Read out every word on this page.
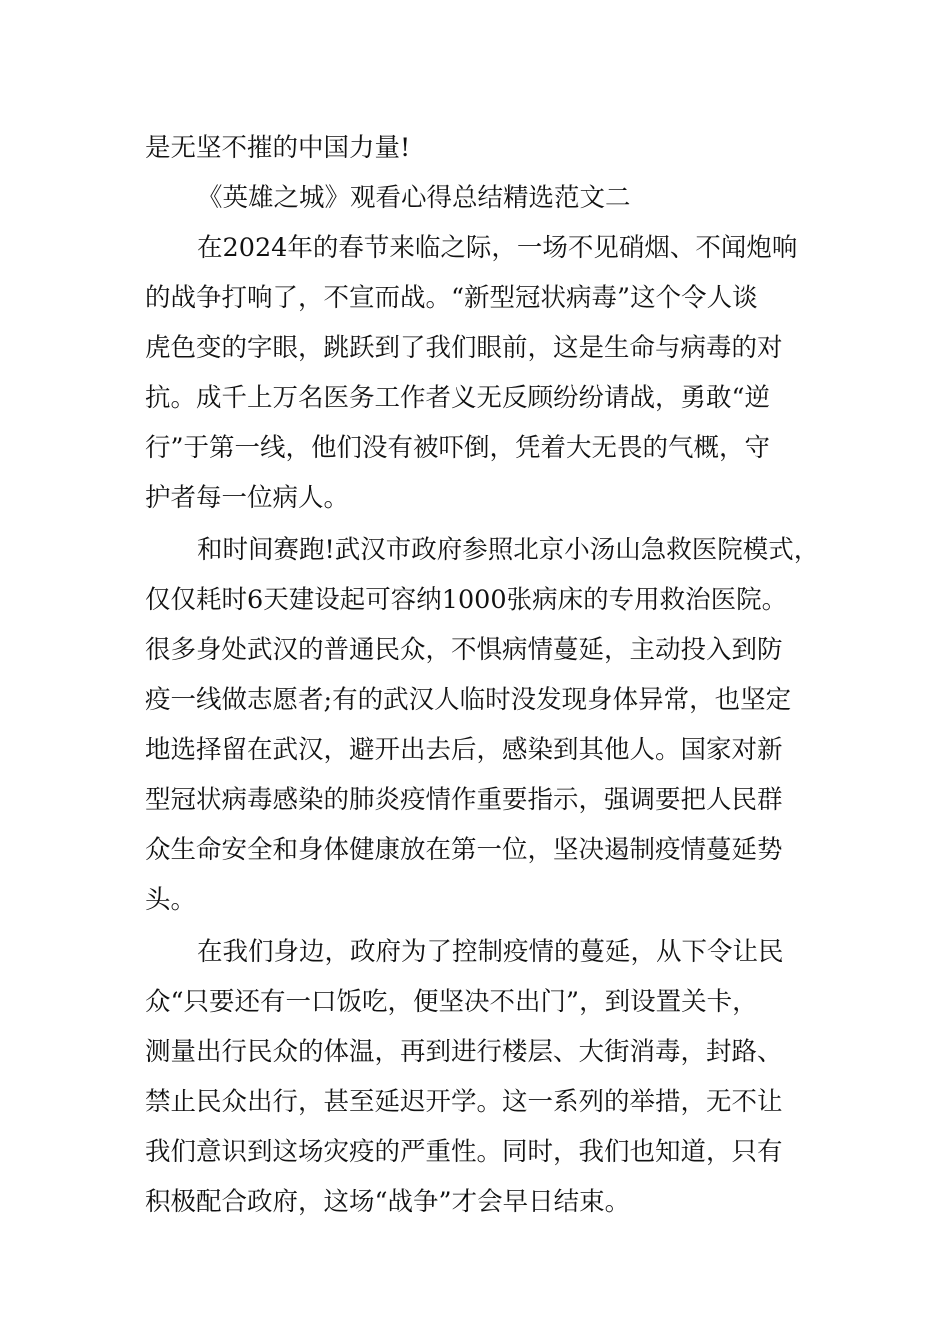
是无坚不摧的中国力量!
《英雄之城》观看心得总结精选范文二
在2024年的春节来临之际，一场不见硝烟、不闻炮响
的战争打响了，不宣而战。“新型冠状病毒”这个令人谈
虎色变的字眼，跳跃到了我们眼前，这是生命与病毒的对
抗。成千上万名医务工作者义无反顾纷纷请战，勇敢“逆
行”于第一线，他们没有被吓倒，凭着大无畏的气概，守
护者每一位病人。
和时间赛跑!武汉市政府参照北京小汤山急救医院模式，
仅仅耗时6天建设起可容纳1000张病床的专用救治医院。
很多身处武汉的普通民众，不惧病情蔓延，主动投入到防
疫一线做志愿者;有的武汉人临时没发现身体异常，也坚定
地选择留在武汉，避开出去后，感染到其他人。国家对新
型冠状病毒感染的肺炎疫情作重要指示，强调要把人民群
众生命安全和身体健康放在第一位，坚决遏制疫情蔓延势
头。
在我们身边，政府为了控制疫情的蔓延，从下令让民
众“只要还有一口饭吃，便坚决不出门”，到设置关卡，
测量出行民众的体温，再到进行楼层、大街消毒，封路、
禁止民众出行，甚至延迟开学。这一系列的举措，无不让
我们意识到这场灾疫的严重性。同时，我们也知道，只有
积极配合政府，这场“战争”才会早日结束。
